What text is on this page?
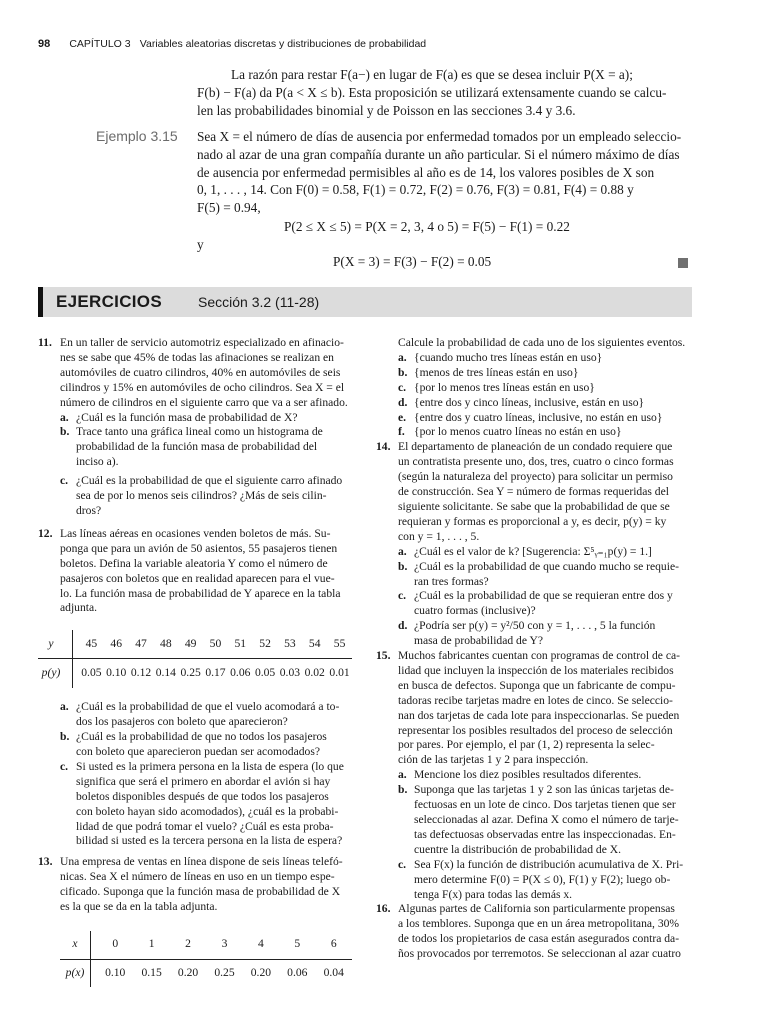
98 CAPÍTULO 3 Variables aleatorias discretas y distribuciones de probabilidad
La razón para restar F(a−) en lugar de F(a) es que se desea incluir P(X = a);
F(b) − F(a) da P(a < X ≤ b). Esta proposición se utilizará extensamente cuando se calcu-
len las probabilidades binomial y de Poisson en las secciones 3.4 y 3.6.
Ejemplo 3.15 Sea X = el número de días de ausencia por enfermedad tomados por un empleado seleccio-
nado al azar de una gran compañía durante un año particular. Si el número máximo de días
de ausencia por enfermedad permisibles al año es de 14, los valores posibles de X son
0, 1, . . . , 14. Con F(0) = 0.58, F(1) = 0.72, F(2) = 0.76, F(3) = 0.81, F(4) = 0.88 y
F(5) = 0.94,
P(2 ≤ X ≤ 5) = P(X = 2, 3, 4 o 5) = F(5) − F(1) = 0.22
y
P(X = 3) = F(3) − F(2) = 0.05
EJERCICIOS	Sección 3.2 (11-28)
11. En un taller de servicio automotriz especializado en afinacio-

nes se sabe que 45% de todas las afinaciones se realizan en

automóviles de cuatro cilindros, 40% en automóviles de seis

cilindros y 15% en automóviles de ocho cilindros. Sea X = el

número de cilindros en el siguiente carro que va a ser afinado.

a. ¿Cuál es la función masa de probabilidad de X?

b. Trace tanto una gráfica lineal como un histograma de

probabilidad de la función masa de probabilidad del

inciso a).

c. ¿Cuál es la probabilidad de que el siguiente carro afinado

sea de por lo menos seis cilindros? ¿Más de seis cilin-

dros?

12. Las líneas aéreas en ocasiones venden boletos de más. Su-

ponga que para un avión de 50 asientos, 55 pasajeros tienen

boletos. Defina la variable aleatoria Y como el número de

pasajeros con boletos que en realidad aparecen para el vue-

lo. La función masa de probabilidad de Y aparece en la tabla

adjunta.

y			45	46	47	48	49	50	51	52	53	54	55
p(y)			0.05	0.10	0.12	0.14	0.25	0.17	0.06	0.05	0.03	0.02	0.01
a. ¿Cuál es la probabilidad de que el vuelo acomodará a to-

dos los pasajeros con boleto que aparecieron?

b. ¿Cuál es la probabilidad de que no todos los pasajeros

con boleto que aparecieron puedan ser acomodados?

c. Si usted es la primera persona en la lista de espera (lo que

significa que será el primero en abordar el avión si hay

boletos disponibles después de que todos los pasajeros

con boleto hayan sido acomodados), ¿cuál es la probabi-

lidad de que podrá tomar el vuelo? ¿Cuál es esta proba-

bilidad si usted es la tercera persona en la lista de espera?

13. Una empresa de ventas en línea dispone de seis líneas telefó-

nicas. Sea X el número de líneas en uso en un tiempo espe-

cificado. Suponga que la función masa de probabilidad de X

es la que se da en la tabla adjunta.

x		0	1	2	3	4	5	6
p(x)		0.10	0.15	0.20	0.25	0.20	0.06	0.04

Calcule la probabilidad de cada uno de los siguientes eventos.

a. {cuando mucho tres líneas están en uso}

b. {menos de tres líneas están en uso}

c. {por lo menos tres líneas están en uso}

d. {entre dos y cinco líneas, inclusive, están en uso}

e. {entre dos y cuatro líneas, inclusive, no están en uso}

f. {por lo menos cuatro líneas no están en uso}

14. El departamento de planeación de un condado requiere que

un contratista presente uno, dos, tres, cuatro o cinco formas

(según la naturaleza del proyecto) para solicitar un permiso

de construcción. Sea Y = número de formas requeridas del

siguiente solicitante. Se sabe que la probabilidad de que se

requieran y formas es proporcional a y, es decir, p(y) = ky

con y = 1, . . . , 5.

a. ¿Cuál es el valor de k? [Sugerencia: Σ⁵ᵧ₌₁p(y) = 1.]

b. ¿Cuál es la probabilidad de que cuando mucho se requie-

ran tres formas?

c. ¿Cuál es la probabilidad de que se requieran entre dos y

cuatro formas (inclusive)?

d. ¿Podría ser p(y) = y²/50 con y = 1, . . . , 5 la función

masa de probabilidad de Y?

15. Muchos fabricantes cuentan con programas de control de ca-

lidad que incluyen la inspección de los materiales recibidos

en busca de defectos. Suponga que un fabricante de compu-

tadoras recibe tarjetas madre en lotes de cinco. Se seleccio-

nan dos tarjetas de cada lote para inspeccionarlas. Se pueden

representar los posibles resultados del proceso de selección

por pares. Por ejemplo, el par (1, 2) representa la selec-

ción de las tarjetas 1 y 2 para inspección.

a. Mencione los diez posibles resultados diferentes.

b. Suponga que las tarjetas 1 y 2 son las únicas tarjetas de-

fectuosas en un lote de cinco. Dos tarjetas tienen que ser

seleccionadas al azar. Defina X como el número de tarje-

tas defectuosas observadas entre las inspeccionadas. En-

cuentre la distribución de probabilidad de X.

c. Sea F(x) la función de distribución acumulativa de X. Pri-

mero determine F(0) = P(X ≤ 0), F(1) y F(2); luego ob-

tenga F(x) para todas las demás x.

16. Algunas partes de California son particularmente propensas

a los temblores. Suponga que en un área metropolitana, 30%

de todos los propietarios de casa están asegurados contra da-

ños provocados por terremotos. Se seleccionan al azar cuatro
